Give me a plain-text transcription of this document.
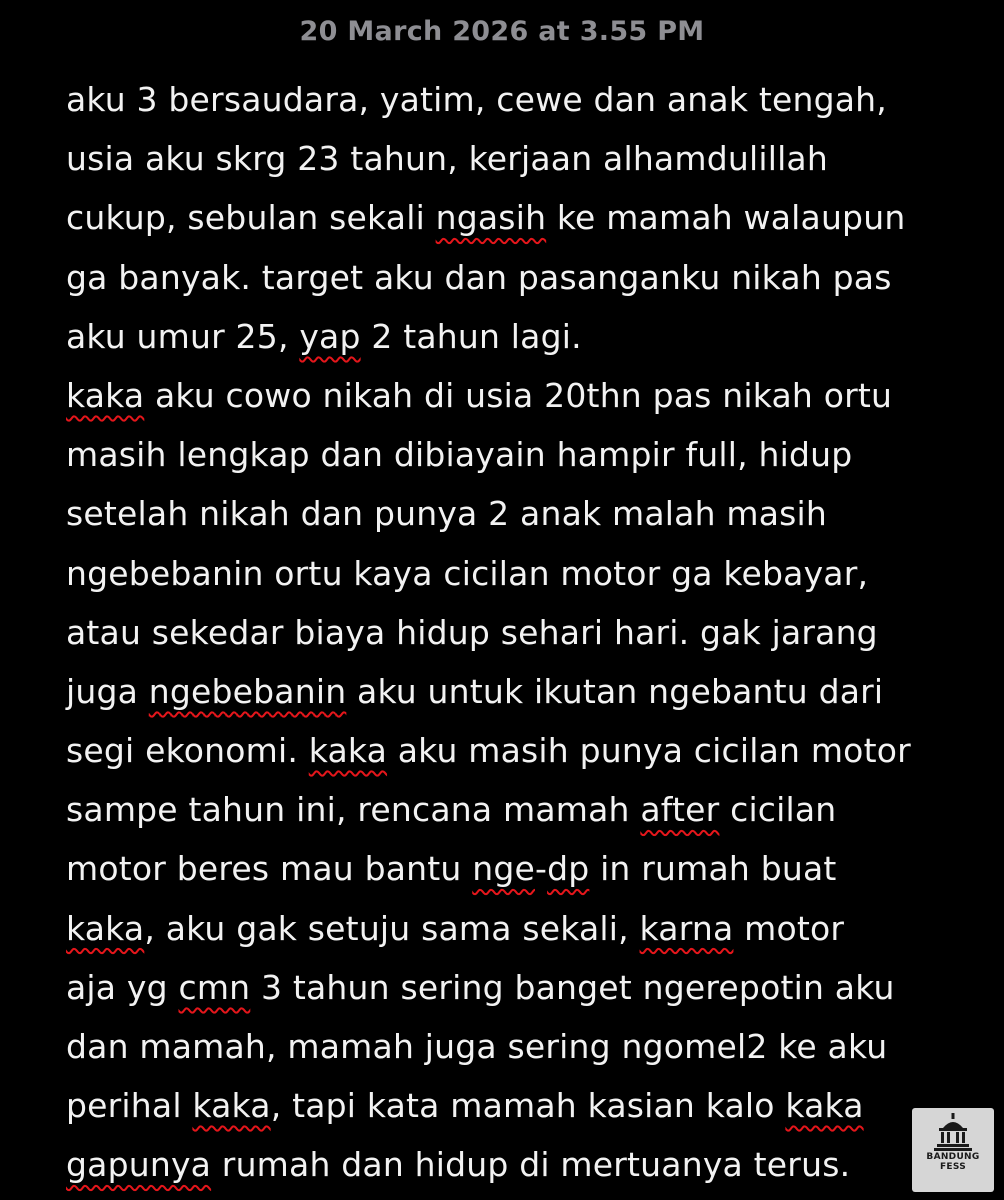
20 March 2026 at 3.55 PM
aku 3 bersaudara, yatim, cewe dan anak tengah,
usia aku skrg 23 tahun, kerjaan alhamdulillah
cukup, sebulan sekali ngasih ke mamah walaupun
ga banyak. target aku dan pasanganku nikah pas
aku umur 25, yap 2 tahun lagi.
kaka aku cowo nikah di usia 20thn pas nikah ortu
masih lengkap dan dibiayain hampir full, hidup
setelah nikah dan punya 2 anak malah masih
ngebebanin ortu kaya cicilan motor ga kebayar,
atau sekedar biaya hidup sehari hari. gak jarang
juga ngebebanin aku untuk ikutan ngebantu dari
segi ekonomi. kaka aku masih punya cicilan motor
sampe tahun ini, rencana mamah after cicilan
motor beres mau bantu nge-dp in rumah buat
kaka, aku gak setuju sama sekali, karna motor
aja yg cmn 3 tahun sering banget ngerepotin aku
dan mamah, mamah juga sering ngomel2 ke aku
perihal kaka, tapi kata mamah kasian kalo kaka
gapunya rumah dan hidup di mertuanya terus.	BANDUNG
FESS
